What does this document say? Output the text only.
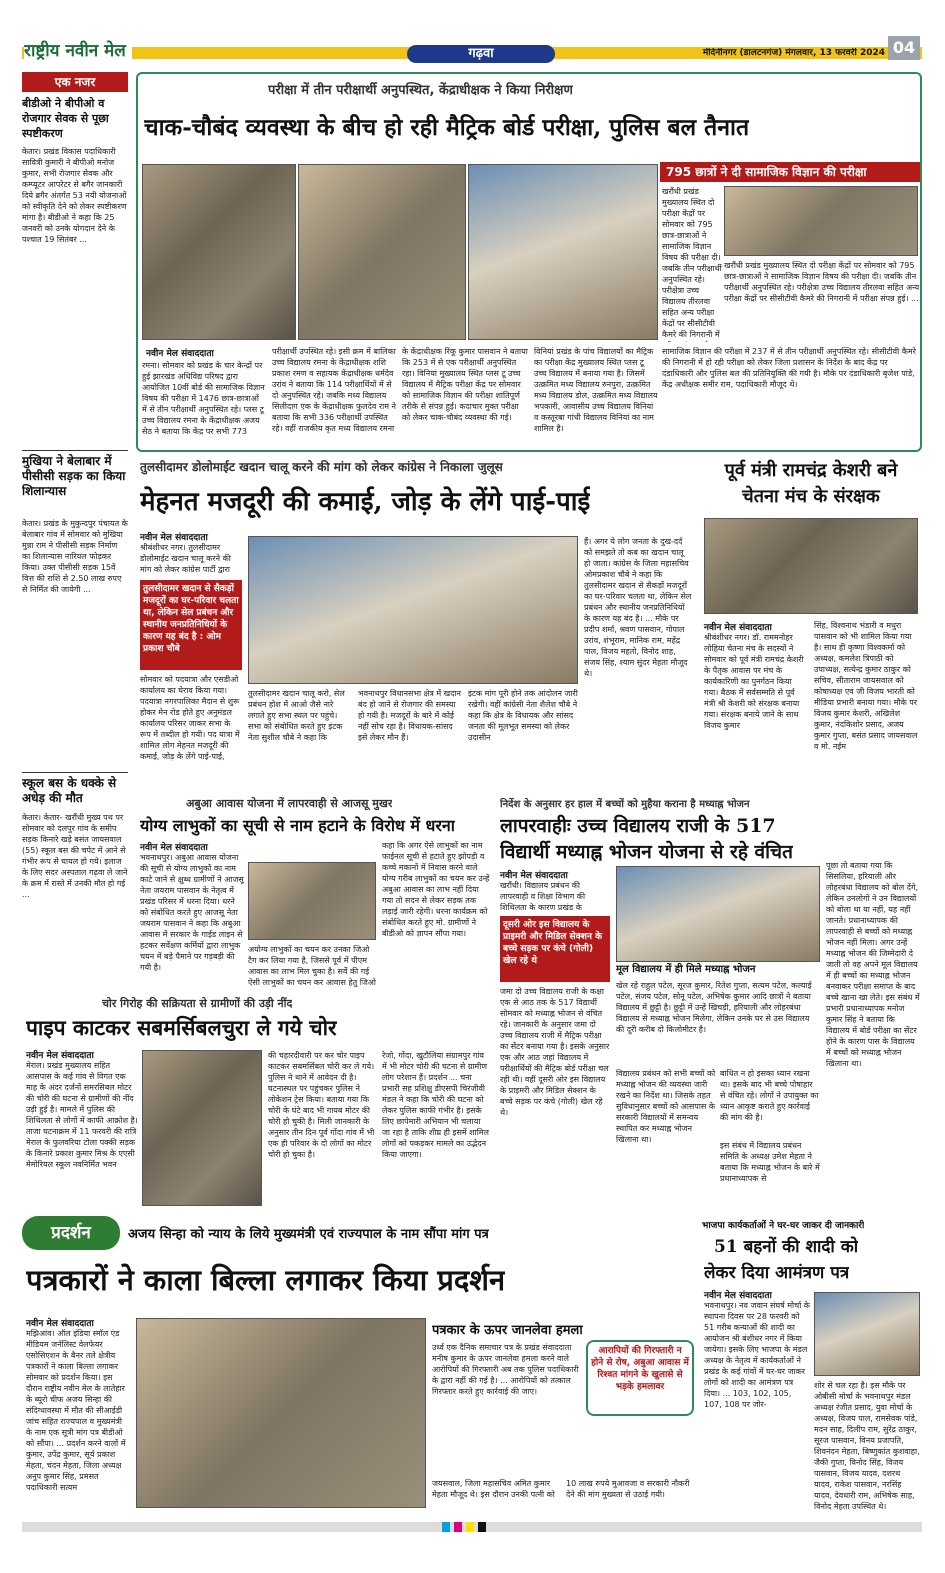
राष्ट्रीय नवीन मेल	गढ़वा	मेदिनीनगर (डालटनगंज) मंगलवार, 13 फरवरी 2024 04
एक नजर
बीडीओ ने बीपीओ व रोजगार सेवक से पूछा स्पष्टीकरण
केतार। प्रखंड विकास पदाधिकारी सावित्री कुमारी ने बीपीओ मनोज कुमार, सभी रोजगार सेवक और कम्प्यूटर आपरेटर से बगैर जानकारी दिये ब्रगैर अंतर्गत 53 नयी योजनाओं को स्वीकृति देने को लेकर स्पष्टीकरण मांगा है। बीडीओ ने कहा कि 25 जनवरी को उनके योगदान देने के पश्चात 19 सितंबर ...
मुखिया ने बेलाबार में पीसीसी सड़क का किया शिलान्यास
केतार। प्रखंड के मुकुन्दपुर पंचायत के बेलाबार गांव में सोमवार को मुखिया मुन्ना राम ने पीसीसी सड़क निर्माण का शिलान्यास नारियल फोड़कर किया। उक्त पीसीसी सड़क 15वें वित्त की राशि से 2.50 लाख रुपए से निर्मित की जायेगी ...
स्कूल बस के धक्के से अधेड़ की मौत
केतार। केतार- खरौंधी मुख्य पथ पर सोमवार को दलपुर गांव के समीप सड़क किनारे खड़े बसंत जायसवाल (55) स्कूल बस की चपेट में आने से गंभीर रूप से घायल हो गये। इलाज के लिए सदर अस्पताल गढ़वा ले जाने के क्रम में रास्ते में उनकी मौत हो गई ...
परीक्षा में तीन परीक्षार्थी अनुपस्थित, केंद्राधीक्षक ने किया निरीक्षण
चाक-चौबंद व्यवस्था के बीच हो रही मैट्रिक बोर्ड परीक्षा, पुलिस बल तैनात
795 छात्रों ने दी सामाजिक विज्ञान की परीक्षा
खरौंधी प्रखंड मुख्यालय स्थित दो परीक्षा केंद्रों पर सोमवार को 795 छात्र-छात्राओं ने सामाजिक विज्ञान विषय की परीक्षा दी। जबकि तीन परीक्षार्थी अनुपस्थित रहे। परीक्षेत्रा उच्च विद्यालय तीरलवा सहित अन्य परीक्षा केंद्रों पर सीसीटीवी कैमरे की निगरानी में
खरौंधी प्रखंड मुख्यालय स्थित दो परीक्षा केंद्रों पर सोमवार को 795 छात्र-छात्राओं ने सामाजिक विज्ञान विषय की परीक्षा दी। जबकि तीन परीक्षार्थी अनुपस्थित रहे। परीक्षेत्रा उच्च विद्यालय तीरलवा सहित अन्य परीक्षा केंद्रों पर सीसीटीवी कैमरे की निगरानी में परीक्षा संपन्न हुई। ...
नवीन मेल संवाददाता
रमना। सोमवार को प्रखंड के चार केन्द्रों पर हुई झारखंड अधिविद्य परिषद द्वारा आयोजित 10वीं बोर्ड की सामाजिक विज्ञान विषय की परीक्षा में 1476 छात्र-छात्राओं में से तीन परीक्षार्थी अनुपस्थित रहे। प्लस टू उच्च विद्यालय रमना के केंद्राधीक्षक अजय सेठ ने बताया कि केंद्र पर सभी 773
परीक्षार्थी उपस्थित रहे। इसी क्रम में बालिका उच्च विद्यालय रमना के केंद्राधीक्षक शशि प्रकाश रमण व सहायक केंद्राधीक्षक धर्मदेव उरांव ने बताया कि 114 परीक्षार्थियों में से दो अनुपस्थित रहे। जबकि मध्य विद्यालय सिलीदाग एक के केंद्राधीक्षक फुलदेव राम ने बताया कि सभी 336 परीक्षार्थी उपस्थित रहे। वहीं राजकीय कृत मध्य विद्यालय रमना
के केंद्राधीक्षक रिंकू कुमार पासवान ने बताया कि 253 में से एक परीक्षार्थी अनुपस्थित रहा। विनियां मुख्यालय स्थित प्लस टू उच्च विद्यालय में मैट्रिक परीक्षा केंद्र पर सोमवार को सामाजिक विज्ञान की परीक्षा शांतिपूर्ण तरीके से संपन्न हुई। कदाचार मुक्त परीक्षा को लेकर चाक-चौबंद व्यवस्था की गई।
विनियां प्रखंड के पांच विद्यालयों का मैट्रिक का परीक्षा केंद्र मुख्यालय स्थित प्लस टू उच्च विद्यालय में बनाया गया है। जिसमें उत्क्रमित मध्य विद्यालय रुनपुरा, उत्क्रमित मध्य विद्यालय डोल, उत्क्रमित मध्य विद्यालय भपकारी, आवासीय उच्च विद्यालय विनियां व कस्तूरबा गांधी विद्यालय विनियां का नाम शामिल है।
सामाजिक विज्ञान की परीक्षा में 237 में से तीन परीक्षार्थी अनुपस्थित रहे। सीसीटीवी कैमरे की निगरानी में हो रही परीक्षा को लेकर जिला प्रशासन के निर्देश के बाद केंद्र पर दंडाधिकारी और पुलिस बल की प्रतिनियुक्ति की गयी है। मौके पर दंडाधिकारी बृजेश पांडे, केंद्र अधीक्षक समीर राम, पदाधिकारी मौजूद थे।
तुलसीदामर डोलोमाईट खदान चालू करने की मांग को लेकर कांग्रेस ने निकाला जुलूस
मेहनत मजदूरी की कमाई, जोड़ के लेंगे पाई-पाई
नवीन मेल संवाददाता
श्रीबंशीधर नगर। तुलसीदामर डोलोमाईट खदान चालू करने की मांग को लेकर कांग्रेस पार्टी द्वारा
तुलसीदामर खदान से सैकड़ों मजदूरों का घर-परिवार चलता था, लेकिन सेल प्रबंधन और स्थानीय जनप्रतिनिधियों के कारण यह बंद है : ओम प्रकाश चौबे
सोमवार को पदयात्रा और एसडीओ कार्यालय का घेराव किया गया। पदयात्रा नगरपालिका मैदान से शुरू होकर मेन रोड होते हुए अनुमंडल कार्यालय परिसर जाकर सभा के रूप में तब्दील हो गयी। पद यात्रा में शामिल लोग मेहनत मजदूरी की कमाई, जोड़ के लेंगे पाई-पाई,
तुलसीदामर खदान चालू करो, सेल प्रबंधन होश में आओ जैसे नारे लगाते हुए सभा स्थल पर पहुंचे। सभा को संबोधित करते हुए इंटक नेता सुशील चौबे ने कहा कि
भवनाथपुर विधानसभा क्षेत्र में खदान बंद हो जाने से रोजगार की समस्या हो गयी है। मजदूरों के बारे में कोई नहीं सोच रहा है। विधायक-सांसद इसे लेकर मौन हैं।
इंटक मांग पूरी होने तक आंदोलन जारी रखेगी। वहीं कांग्रेसी नेता शैलेश चौबे ने कहा कि क्षेत्र के विधायक और सांसद जनता की मूलभूत समस्या को लेकर उदासीन
हैं। अगर ये लोग जनता के दुख-दर्द को समझते तो कब का खदान चालू हो जाता। कांग्रेस के जिला महासचिव ओमप्रकाश चौबे ने कहा कि तुलसीदामर खदान से सैकड़ों मजदूरों का घर-परिवार चलता था, लेकिन सेल प्रबंधन और स्थानीय जनप्रतिनिधियों के कारण यह बंद है। ... मौके पर प्रदीप शर्मा, श्रवण पासवान, गोपाल उरांव, शंभूराम, मानिक राम, महेंद्र पाल, विजय महतो, विनोद शाह, संजय सिंह, श्याम सुंदर मेहता मौजूद थे।
पूर्व मंत्री रामचंद्र केशरी बने चेतना मंच के संरक्षक
नवीन मेल संवाददाता
श्रीबंशीधर नगर। डॉ. राममनोहर लोहिया चेतना मंच के सदस्यों ने सोमवार को पूर्व मंत्री रामचंद्र केशरी के पैतृक आवास पर मंच के कार्यकारिणी का पुनर्गठन किया गया। बैठक में सर्वसम्मति से पूर्व मंत्री श्री केशरी को संरक्षक बनाया गया। संरक्षक बनाये जाने के साथ विजय कुमार
सिंह, विश्वनाथ भंडारी व मधुरा पासवान को भी शामिल किया गया है। साथ ही कृष्णा विश्वकर्मा को अध्यक्ष, कमलेश त्रिपाठी को उपाध्यक्ष, सत्येन्द्र कुमार ठाकुर को सचिव, सीताराम जायसवाल को कोषाध्यक्ष एवं जी विजय भारती को मीडिया प्रभारी बनाया गया। मौके पर विजय कुमार केशरी, अखिलेश कुमार, नंदकिशोर प्रसाद, अजय कुमार गुप्ता, बसंत प्रसाद जायसवाल व मो. नईम
अबुआ आवास योजना में लापरवाही से आजसू मुखर
योग्य लाभुकों का सूची से नाम हटाने के विरोध में धरना
नवीन मेल संवाददाता
भवनाथपुर। अबुआ आवास योजना की सूची से योग्य लाभुकों का नाम काटे जाने से क्षुब्ध ग्रामीणों ने आजसू नेता जयराम पासवान के नेतृत्व में प्रखंड परिसर में धरना दिया। धरने को संबोधित करते हुए आजसू नेता जयराम पासवान ने कहा कि अबुआ आवास में सरकार के गाईड लाइन से हटकर सर्वेक्षण कर्मियों द्वारा लाभुक चयन में बड़े पैमाने पर गड़बड़ी की गयी है।
अयोग्य लाभुकों का चयन कर उनका जिओ टैग कर लिया गया है, जिससे पूर्व में पीएम आवास का लाभ मिल चुका है। सर्वे की गई ऐसी लाभुकों का चयन कर आवास हेतु जिओ
कहा कि अगर ऐसे लाभुकों का नाम फाईनल सूची से हटाते हुए झोपड़ी व कच्चे मकानों में निवास करने वाले योग्य गरीब लाभुकों का चयन कर उन्हें अबुआ आवास का लाभ नहीं दिया गया तो सदन से लेकर सड़क तक लड़ाई जारी रहेगी। धरना कार्यक्रम को संबोधित करते हुए मो. ग्रामीणों ने बीडीओ को ज्ञापन सौंपा गया।
निर्देश के अनुसार हर हाल में बच्चों को मुहैया कराना है मध्याह्न भोजन
लापरवाहीः उच्च विद्यालय राजी के 517
विद्यार्थी मध्याह्न भोजन योजना से रहे वंचित
नवीन मेल संवाददाता
खरौंधी। विद्यालय प्रबंधन की लापरवाही व शिक्षा विभाग की शिथिलता के कारण प्रखंड के
दूसरी ओर इस विद्यालय के प्राइमरी और मिडिल सेक्शन के बच्चे सड़क पर कंचे (गोली) खेल रहे थे
जमा दो उच्च विद्यालय राजी के कक्षा एक से आठ तक के 517 विद्यार्थी सोमवार को मध्याह्न भोजन से वंचित रहे। जानकारी के अनुसार जमा दो उच्च विद्यालय राजी में मैट्रिक परीक्षा का सेंटर बनाया गया है। इसके अनुसार एक और आठ जहां विद्यालय में परीक्षार्थियों की मैट्रिक बोर्ड परीक्षा चल रही थी। वहीं दूसरी ओर इस विद्यालय के प्राइमरी और मिडिल सेक्शन के बच्चे सड़क पर कंचे (गोली) खेल रहे थे।
मूल विद्यालय में ही मिले मध्याह्न भोजन
खेल रहे राहुल पटेल, सूरज कुमार, रितेश गुप्ता, सत्यम पटेल, कल्याई पटेल, संजय पटेल, सोनू पटेल, अभिषेक कुमार आदि छात्रों ने बताया विद्यालय में छुट्टी है। छुट्टी में उन्हें खिचड़ी, हरियाली और लोहरबंधा विद्यालय से मध्याह्न भोजन मिलेगा, लेकिन उनके घर से उस विद्यालय की दूरी करीब दो किलोमीटर है।
विद्यालय प्रबंधन को सभी बच्चों को मध्याह्न भोजन की व्यवस्था जारी रखने का निर्देश था। जिसके तहत सुविधानुसार बच्चों को आसपास के सरकारी विद्यालयों में समन्वय स्थापित कर मध्याह्न भोजन खिलाना था।
बाधित न हो इसका ध्यान रखना था। इसके बाद भी बच्चे पोषाहार से वंचित रहे। लोगों ने उपायुक्त का ध्यान आकृष्ट कराते हुए कार्रवाई की मांग की है।
इस संबंध में विद्यालय प्रबंधन समिति के अध्यक्ष उमेश मेहता ने बताया कि मध्याह्न भोजन के बारे में प्रधानाध्यापक से
पूछा तो बताया गया कि सिसलिया, हरियाली और लोहरबंधा विद्यालय को बोल देंगे, लेकिन उनलोगों ने उन विद्यालयों को बोला था या नहीं, यह नहीं जानते। प्रधानाध्यापक की लापरवाही से बच्चों को मध्याह्न भोजन नहीं मिला। अगर उन्हें मध्याह्न भोजन की जिम्मेदारी दे जाती तो वह अपने मूल विद्यालय में ही बच्चों का मध्याह्न भोजन बनवाकर परीक्षा समाप्त के बाद बच्चे खाना खा लेते। इस संबंध में प्रभारी प्रधानाध्यापक मनोज कुमार सिंह ने बताया कि विद्यालय में बोर्ड परीक्षा का सेंटर होने के कारण पास के विद्यालय में बच्चों को मध्याह्न भोजन खिलाना था।
चोर गिरोह की सक्रियता से ग्रामीणों की उड़ी नींद
पाइप काटकर सबमर्सिबलचुरा ले गये चोर
नवीन मेल संवाददाता
मेराल। प्रखंड मुख्यालय सहित आसपास के कई गांव से विगत एक माह के अंदर दर्जनों समरसिबल मोटर की चोरी की घटना से ग्रामीणों की नींद उड़ी हुई है। मामले में पुलिस की शिथिलता से लोगों में काफी आक्रोश है। ताजा घटनाक्रम में 11 फरवरी की रात्रि मेराल के फुलवरिया टोला पक्की सड़क के किनारे प्रकाश कुमार मिश्र के एएसी मेमोरियल स्कूल नवनिर्मित भवन
की चहारदीवारी पर कर चोर पाइप काटकर सबमर्सिबल चोरी कर ले गये। पुलिस ने थाने में आवेदन दी है। घटनास्थल पर पहुंचकर पुलिस ने लोकेशन ट्रेस किया। बताया गया कि चोरी के घंटे बाद भी गायब मोटर की चोरी हो चुकी है। मिली जानकारी के अनुसार तीन दिन पूर्व गोंदा गांव में भी एक ही परिवार के दो लोगों का मोटर चोरी हो चुका है।
रेजो, गोंदा, खुटौलिया संग्रामपुर गांव में भी मोटर चोरी की घटना से ग्रामीण लोग परेशान हैं। प्रदर्शन ... चना प्रभारी सह प्रशिक्षु डीएसपी चिरंजीवी मंडल ने कहा कि चोरी की घटना को लेकर पुलिस काफी गंभीर है। इसके लिए छापेमारी अभियान भी चलाया जा रहा है ताकि शीघ्र ही इसमें शामिल लोगों को पकड़कर मामले का उद्भेदन किया जाएगा।
प्रदर्शन	अजय सिन्हा को न्याय के लिये मुख्यमंत्री एवं राज्यपाल के नाम सौंपा मांग पत्र
पत्रकारों ने काला बिल्ला लगाकर किया प्रदर्शन
नवीन मेल संवाददाता
मझिआंव। ऑल इंडिया स्मॉल एंड मीडियम जर्नलिस्ट वेलफेयर एसोसिएशन के बैनर तले क्षेत्रीय पत्रकारों ने काला बिल्ला लगाकर सोमवार को प्रदर्शन किया। इस दौरान राष्ट्रीय नवीन मेल के लातेहार के ब्यूरो चीफ अजय सिन्हा की संदिग्धावस्था में मौत की सीआईडी जांच सहित राज्यपाल व मुख्यमंत्री के नाम एक सूत्री मांग पत्र बीडीओ को सौंपा। ... प्रदर्शन करने वालों में कुमार, उपेंद्र कुमार, सूर्य प्रकाश मेहता, चंदन मेहता, जिला अध्यक्ष अनुप कुमार सिंह, प्रमसत पदाधिकारी सत्यम
पत्रकार के ऊपर जानलेवा हमला
उर्ध्व एक दैनिक समाचार पत्र के प्रखंड संवाददाता मनीष कुमार के ऊपर जानलेवा हमला करने वाले आरोपियों की गिरफ्तारी अब तक पुलिस पदाधिकारी के द्वारा नहीं की गई है। ... आरोपियों को तत्काल गिरफ्तार करते हुए कार्रवाई की जाए।
आरापियों की गिरफ्तारी न होने से रोष, अबुआ आवास में रिश्वत मांगने के खुलासे से भड़के हमलावर
जयसवाल, जिला महासचिव अमित कुमार मेहता मौजूद थे। इस दौरान उनकी पत्नी को
10 लाख रुपये मुआवजा व सरकारी नौकरी देने की मांग मुख्यता से उठाई गयी।
भाजपा कार्यकर्ताओं ने घर-घर जाकर दी जानकारी
51 बहनों की शादी को
लेकर दिया आमंत्रण पत्र
नवीन मेल संवाददाता
भवनाथपुर। नव जवान संघर्ष मोर्चा के स्थापना दिवस पर 28 फरवरी को 51 गरीब कन्याओं की शादी का आयोजन श्री बंशीधर नगर में किया जायेगा। इसके लिए भाजपा के मंडल अध्यक्ष के नेतृत्व में कार्यकर्ताओं ने प्रखंड के कई गांवों में घर-घर जाकर लोगों को शादी का आमंत्रण पत्र दिया। ... 103, 102, 105, 107, 108 पर जोर-
शोर से चल रहा है। इस मौके पर ओबीसी मोर्चा के भवनाथपुर मंडल अध्यक्ष रंजीत प्रसाद, युवा मोर्चा के अध्यक्ष, विजय पाल, रामसेवक पांडे, मदन साह, दिलीप राम, सुरेंद्र ठाकुर, सूरज पासवान, विनय प्रजापति, शिवनंदन मेहता, बिष्णुकांत कुशवाहा, जैकी गुप्ता, विनोद सिंह, विजय पासवान, विजय यादव, दशरथ यादव, राकेश पासवान, नरसिंह यादव, देवधारी राम, अभिषेक साह, विनोद मेहता उपस्थित थे।
